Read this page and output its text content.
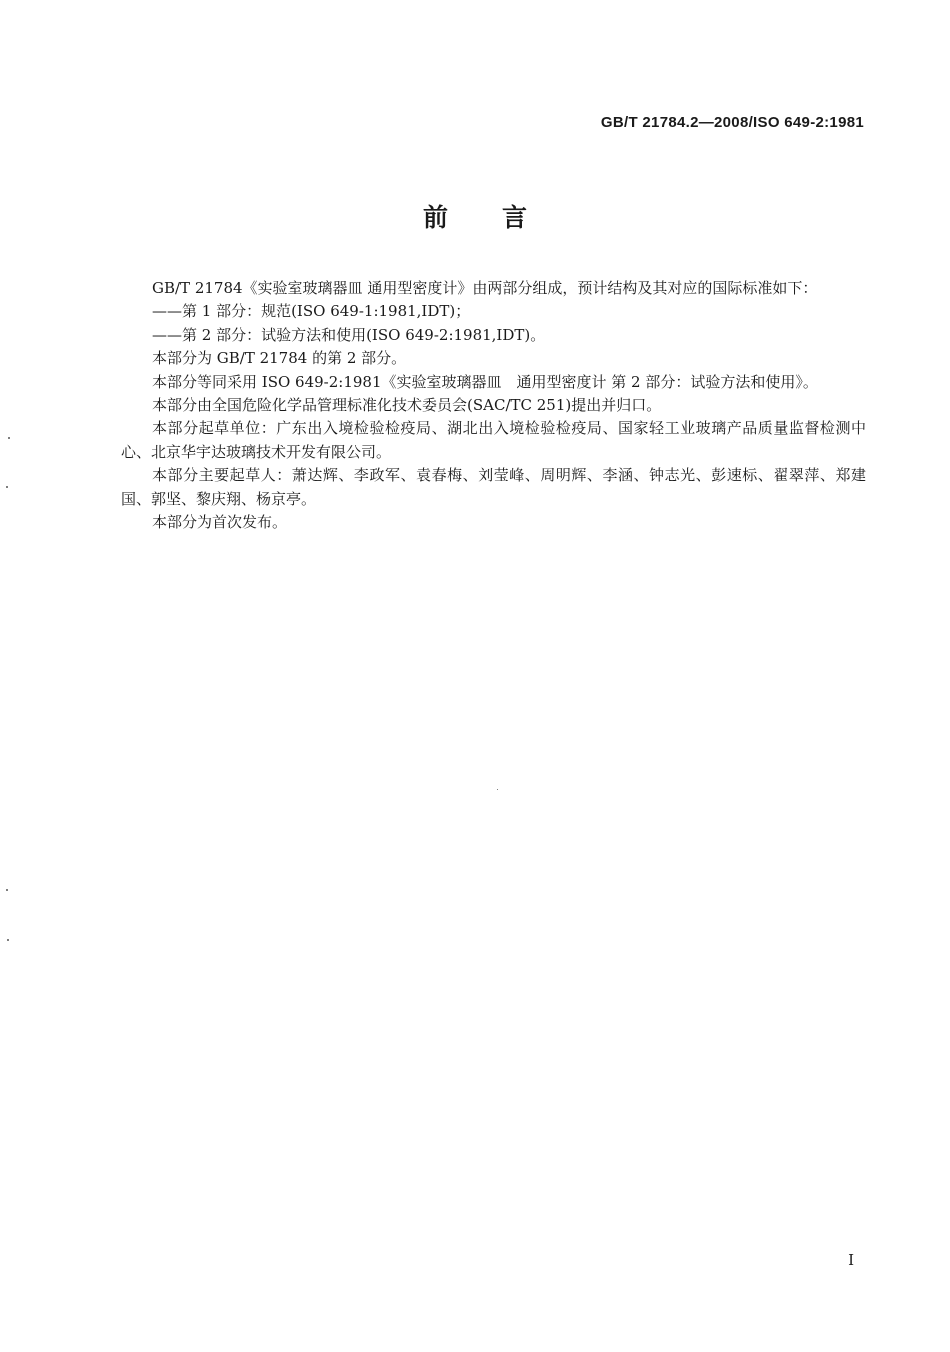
GB/T 21784.2—2008/ISO 649-2:1981
前言

GB/T 21784《实验室玻璃器皿 通用型密度计》由两部分组成，预计结构及其对应的国际标准如下：

——第 1 部分：规范(ISO 649-1:1981,IDT)；

——第 2 部分：试验方法和使用(ISO 649-2:1981,IDT)。

本部分为 GB/T 21784 的第 2 部分。

本部分等同采用 ISO 649-2:1981《实验室玻璃器皿　通用型密度计 第 2 部分：试验方法和使用》。

本部分由全国危险化学品管理标准化技术委员会(SAC/TC 251)提出并归口。

本部分起草单位：广东出入境检验检疫局、湖北出入境检验检疫局、国家轻工业玻璃产品质量监督检测中心、北京华宇达玻璃技术开发有限公司。

本部分主要起草人：萧达辉、李政军、袁春梅、刘莹峰、周明辉、李涵、钟志光、彭速标、翟翠萍、郑建国、郭坚、黎庆翔、杨京亭。

本部分为首次发布。

I
